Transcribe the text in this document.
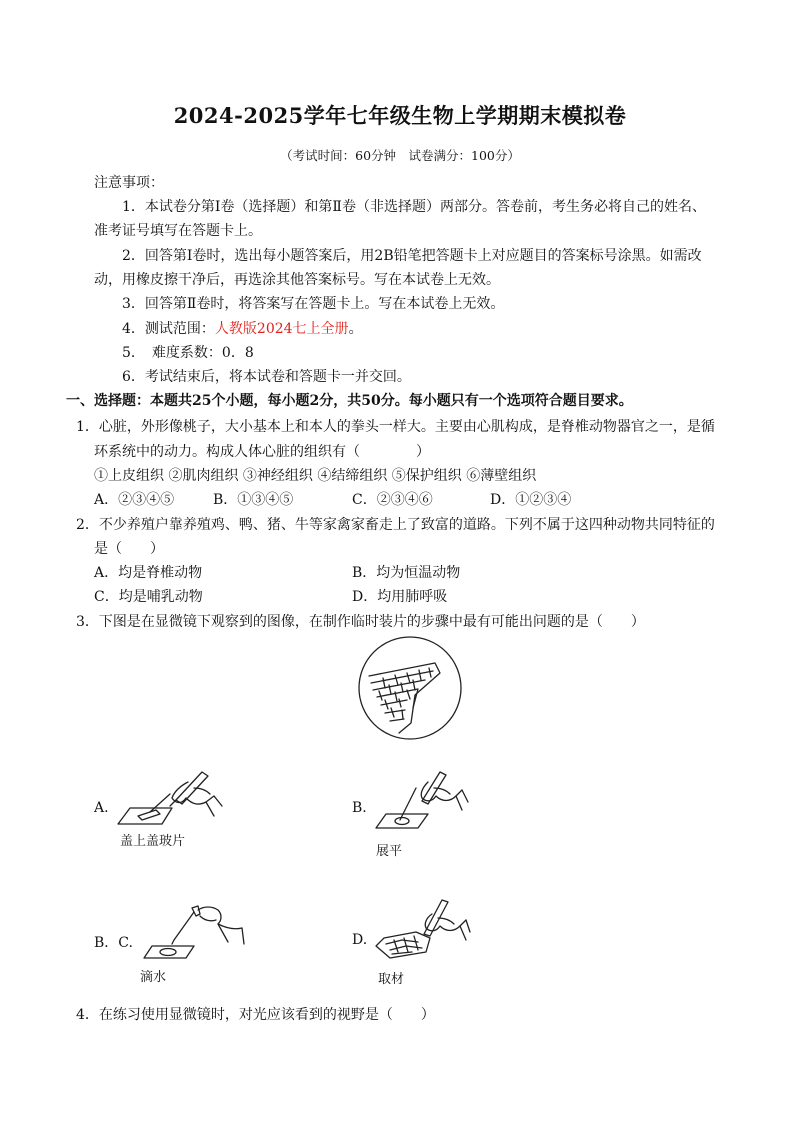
2024-2025学年七年级生物上学期期末模拟卷
（考试时间：60分钟　试卷满分：100分）
注意事项：
1．本试卷分第Ⅰ卷（选择题）和第Ⅱ卷（非选择题）两部分。答卷前，考生务必将自己的姓名、
准考证号填写在答题卡上。
2．回答第Ⅰ卷时，选出每小题答案后，用2B铅笔把答题卡上对应题目的答案标号涂黑。如需改
动，用橡皮擦干净后，再选涂其他答案标号。写在本试卷上无效。
3．回答第Ⅱ卷时，将答案写在答题卡上。写在本试卷上无效。
4．测试范围：人教版2024七上全册。
5．　难度系数：0．8
6．考试结束后，将本试卷和答题卡一并交回。
一、选择题：本题共25个小题，每小题2分，共50分。每小题只有一个选项符合题目要求。
1．心脏，外形像桃子，大小基本上和本人的拳头一样大。主要由心肌构成，是脊椎动物器官之一，是循
环系统中的动力。构成人体心脏的组织有（　　　　）
①上皮组织 ②肌肉组织 ③神经组织 ④结缔组织 ⑤保护组织 ⑥薄壁组织
A．②③④⑤	B．①③④⑤	C．②③④⑥	D．①②③④
2．不少养殖户靠养殖鸡、鸭、猪、牛等家禽家畜走上了致富的道路。下列不属于这四种动物共同特征的
是（　　）
A．均是脊椎动物	B．均为恒温动物
C．均是哺乳动物	D．均用肺呼吸
3．下图是在显微镜下观察到的图像，在制作临时装片的步骤中最有可能出问题的是（　　）
A.
盖上盖玻片
B.
展平
B．C.
滴水
D.
取材
4．在练习使用显微镜时，对光应该看到的视野是（　　）
